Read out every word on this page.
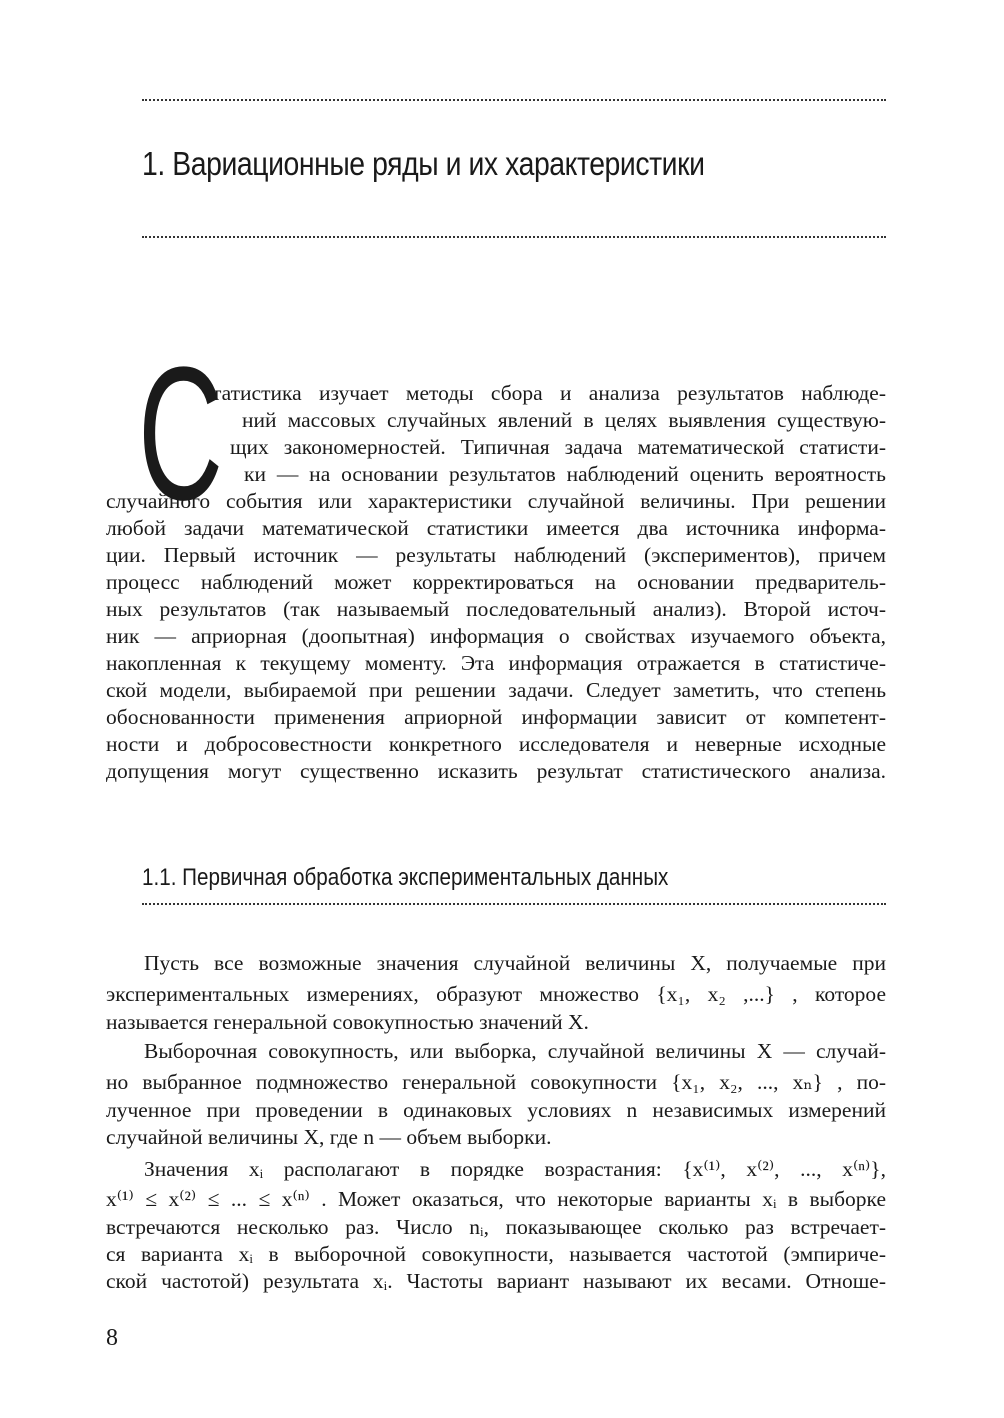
1. Вариационные ряды и их характеристики
С
татистика изучает методы сбора и анализа результатов наблюде-
ний массовых случайных явлений в целях выявления существую-
щих закономерностей. Типичная задача математической статисти-
ки — на основании результатов наблюдений оценить вероятность
случайного события или характеристики случайной величины. При решении
любой задачи математической статистики имеется два источника информа-
ции. Первый источник — результаты наблюдений (экспериментов), причем
процесс наблюдений может корректироваться на основании предваритель-
ных результатов (так называемый последовательный анализ). Второй источ-
ник — априорная (доопытная) информация о свойствах изучаемого объекта,
накопленная к текущему моменту. Эта информация отражается в статистиче-
ской модели, выбираемой при решении задачи. Следует заметить, что степень
обоснованности применения априорной информации зависит от компетент-
ности и добросовестности конкретного исследователя и неверные исходные
допущения могут существенно исказить результат статистического анализа.
1.1. Первичная обработка экспериментальных данных
Пусть все возможные значения случайной величины X, получаемые при
экспериментальных измерениях, образуют множество {x₁, x₂ ,...} , которое
называется генеральной совокупностью значений X.
Выборочная совокупность, или выборка, случайной величины X — случай-
но выбранное подмножество генеральной совокупности {x₁, x₂, ..., xₙ} , по-
лученное при проведении в одинаковых условиях n независимых измерений
случайной величины X, где n — объем выборки.
Значения xᵢ располагают в порядке возрастания: {x⁽¹⁾, x⁽²⁾, ..., x⁽ⁿ⁾},
x⁽¹⁾ ≤ x⁽²⁾ ≤ ... ≤ x⁽ⁿ⁾ . Может оказаться, что некоторые варианты xᵢ в выборке
встречаются несколько раз. Число nᵢ, показывающее сколько раз встречает-
ся варианта xᵢ в выборочной совокупности, называется частотой (эмпириче-
ской частотой) результата xᵢ. Частоты вариант называют их весами. Отноше-
8
